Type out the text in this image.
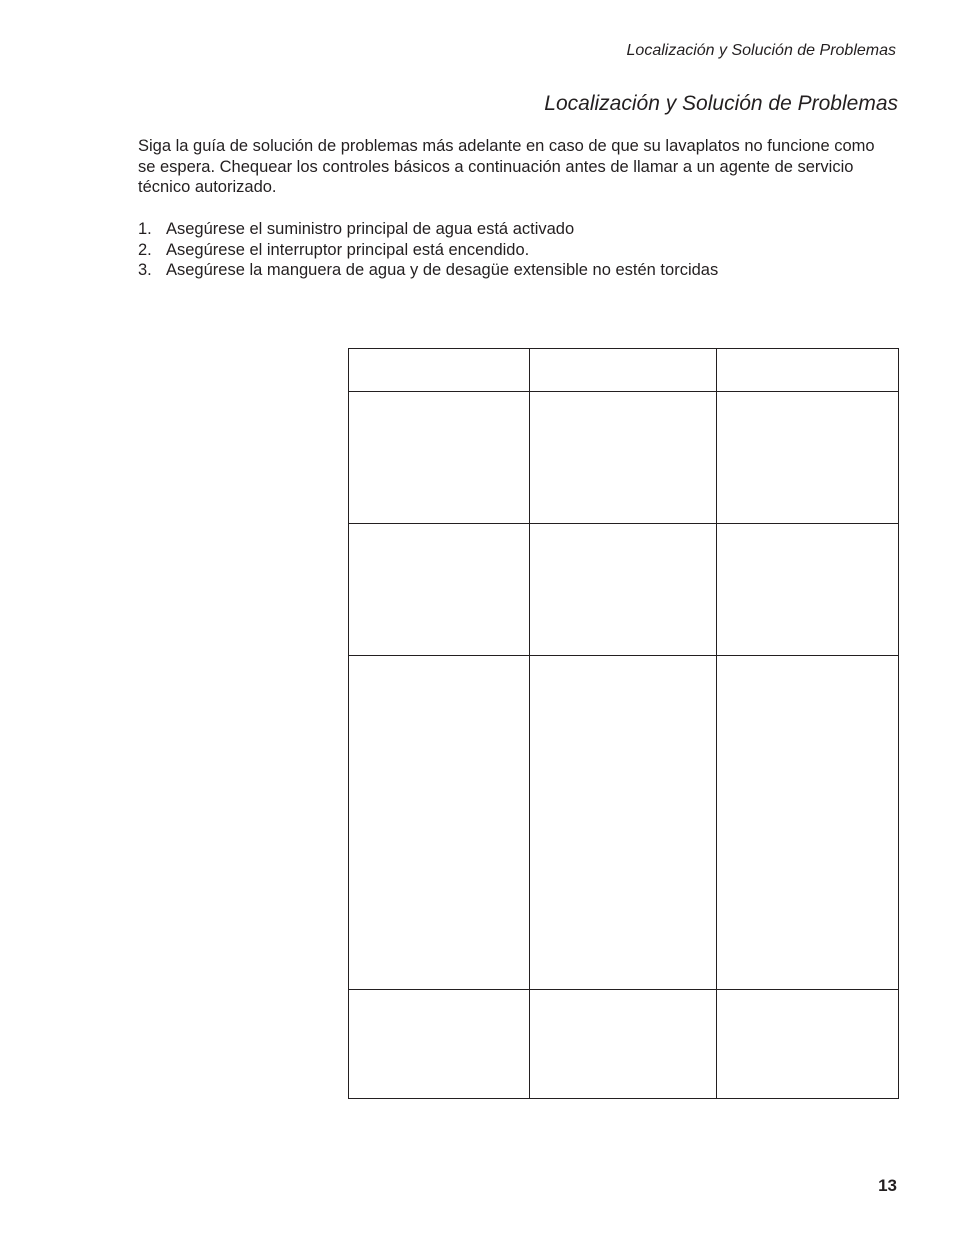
Localización y Solución de Problemas
Localización y Solución de Problemas

Siga la guía de solución de problemas más adelante en caso de que su lavaplatos no funcione como se espera. Chequear los controles básicos a continuación antes de llamar a un agente de servicio técnico autorizado.

1. Asegúrese el suministro principal de agua está activado
2. Asegúrese el interruptor principal está encendido.
3. Asegúrese la manguera de agua y de desagüe extensible no estén torcidas

13
